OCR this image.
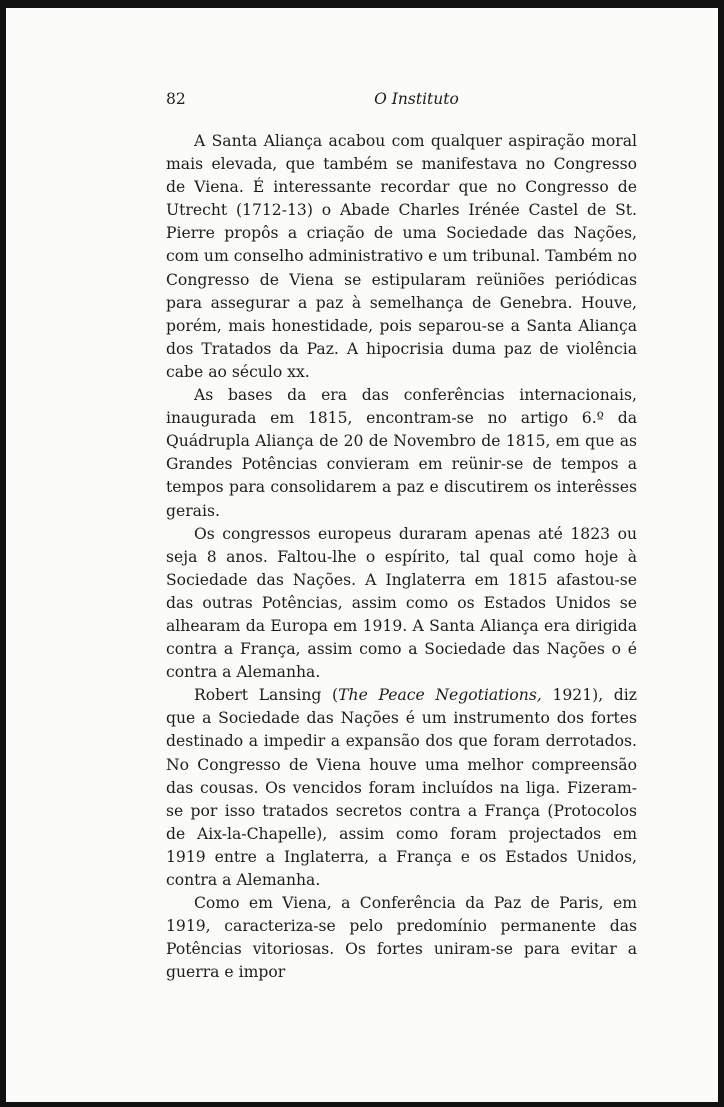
82	O Instituto

A Santa Aliança acabou com qualquer aspiração moral mais elevada, que também se manifestava no Congresso de Viena. É interessante recordar que no Congresso de Utrecht (1712-13) o Abade Charles Irénée Castel de St. Pierre propôs a criação de uma Sociedade das Nações, com um conselho administrativo e um tribunal. Também no Congresso de Viena se estipularam reüniões periódicas para assegurar a paz à semelhança de Genebra. Houve, porém, mais honestidade, pois separou-se a Santa Aliança dos Tratados da Paz. A hipocrisia duma paz de violência cabe ao século xx.

As bases da era das conferências internacionais, inaugurada em 1815, encontram-se no artigo 6.º da Quádrupla Aliança de 20 de Novembro de 1815, em que as Grandes Potências convieram em reünir-se de tempos a tempos para consolidarem a paz e discutirem os interêsses gerais.

Os congressos europeus duraram apenas até 1823 ou seja 8 anos. Faltou-lhe o espírito, tal qual como hoje à Sociedade das Nações. A Inglaterra em 1815 afastou-se das outras Potências, assim como os Estados Unidos se alhearam da Europa em 1919. A Santa Aliança era dirigida contra a França, assim como a Sociedade das Nações o é contra a Alemanha.

Robert Lansing (The Peace Negotiations, 1921), diz que a Sociedade das Nações é um instrumento dos fortes destinado a impedir a expansão dos que foram derrotados. No Congresso de Viena houve uma melhor compreensão das cousas. Os vencidos foram incluídos na liga. Fizeram-se por isso tratados secretos contra a França (Protocolos de Aix-la-Chapelle), assim como foram projectados em 1919 entre a Inglaterra, a França e os Estados Unidos, contra a Alemanha.

Como em Viena, a Conferência da Paz de Paris, em 1919, caracteriza-se pelo predomínio permanente das Potências vitoriosas. Os fortes uniram-se para evitar a guerra e impor
